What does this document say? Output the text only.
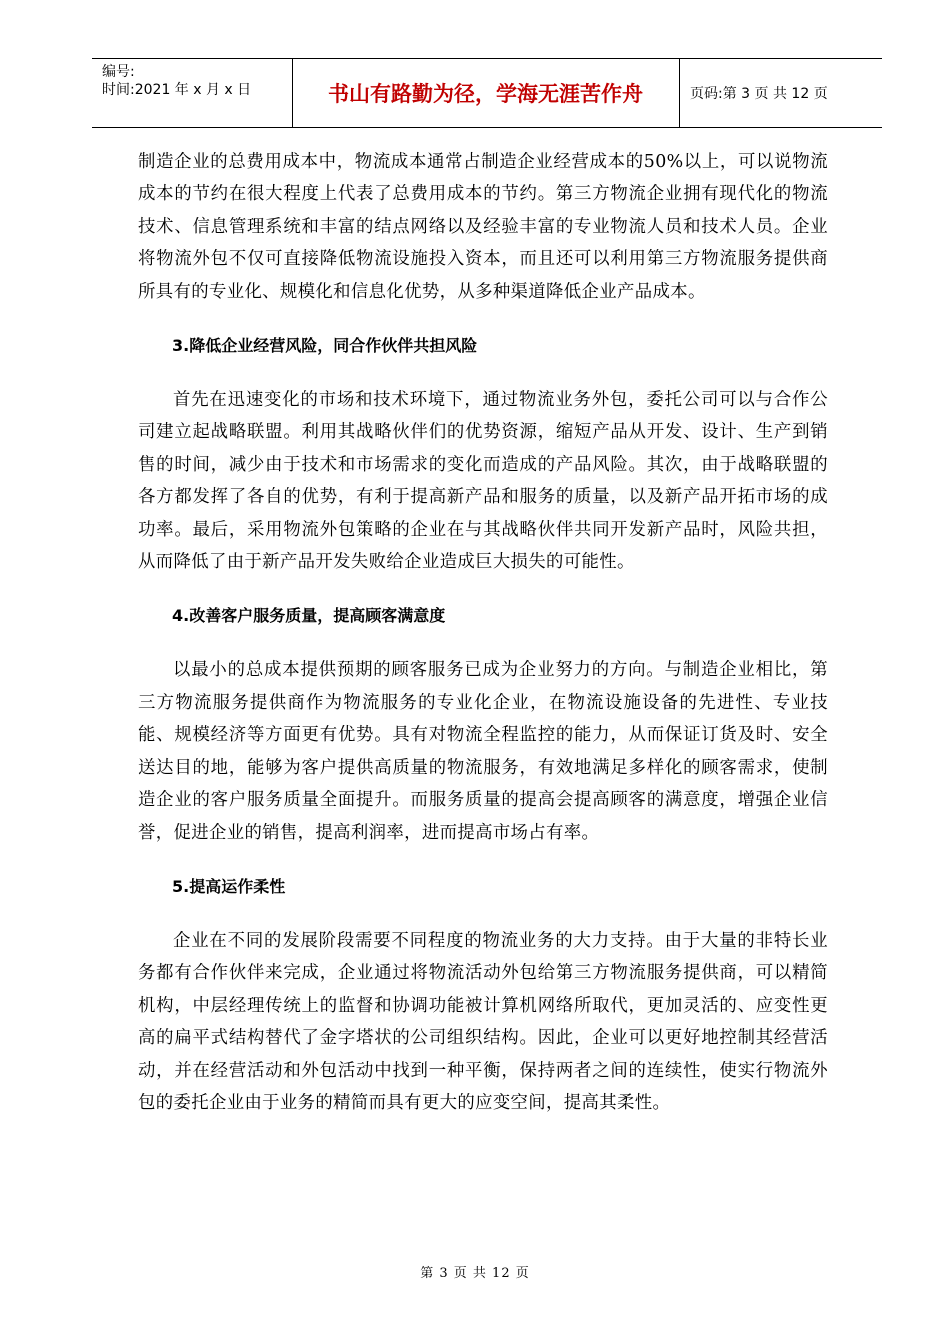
编号:
时间:2021 年 x 月 x 日	书山有路勤为径，学海无涯苦作舟	页码:第 3 页 共 12 页

制造企业的总费用成本中，物流成本通常占制造企业经营成本的50%以上，可以说物流成本的节约在很大程度上代表了总费用成本的节约。第三方物流企业拥有现代化的物流技术、信息管理系统和丰富的结点网络以及经验丰富的专业物流人员和技术人员。企业将物流外包不仅可直接降低物流设施投入资本，而且还可以利用第三方物流服务提供商所具有的专业化、规模化和信息化优势，从多种渠道降低企业产品成本。

3.降低企业经营风险，同合作伙伴共担风险

首先在迅速变化的市场和技术环境下，通过物流业务外包，委托公司可以与合作公司建立起战略联盟。利用其战略伙伴们的优势资源，缩短产品从开发、设计、生产到销售的时间，减少由于技术和市场需求的变化而造成的产品风险。其次，由于战略联盟的各方都发挥了各自的优势，有利于提高新产品和服务的质量，以及新产品开拓市场的成功率。最后，采用物流外包策略的企业在与其战略伙伴共同开发新产品时，风险共担，从而降低了由于新产品开发失败给企业造成巨大损失的可能性。

4.改善客户服务质量，提高顾客满意度

以最小的总成本提供预期的顾客服务已成为企业努力的方向。与制造企业相比，第三方物流服务提供商作为物流服务的专业化企业，在物流设施设备的先进性、专业技能、规模经济等方面更有优势。具有对物流全程监控的能力，从而保证订货及时、安全送达目的地，能够为客户提供高质量的物流服务，有效地满足多样化的顾客需求，使制造企业的客户服务质量全面提升。而服务质量的提高会提高顾客的满意度，增强企业信誉，促进企业的销售，提高利润率，进而提高市场占有率。

5.提高运作柔性

企业在不同的发展阶段需要不同程度的物流业务的大力支持。由于大量的非特长业务都有合作伙伴来完成，企业通过将物流活动外包给第三方物流服务提供商，可以精简机构，中层经理传统上的监督和协调功能被计算机网络所取代，更加灵活的、应变性更高的扁平式结构替代了金字塔状的公司组织结构。因此，企业可以更好地控制其经营活动，并在经营活动和外包活动中找到一种平衡，保持两者之间的连续性，使实行物流外包的委托企业由于业务的精简而具有更大的应变空间，提高其柔性。

第 3 页 共 12 页
